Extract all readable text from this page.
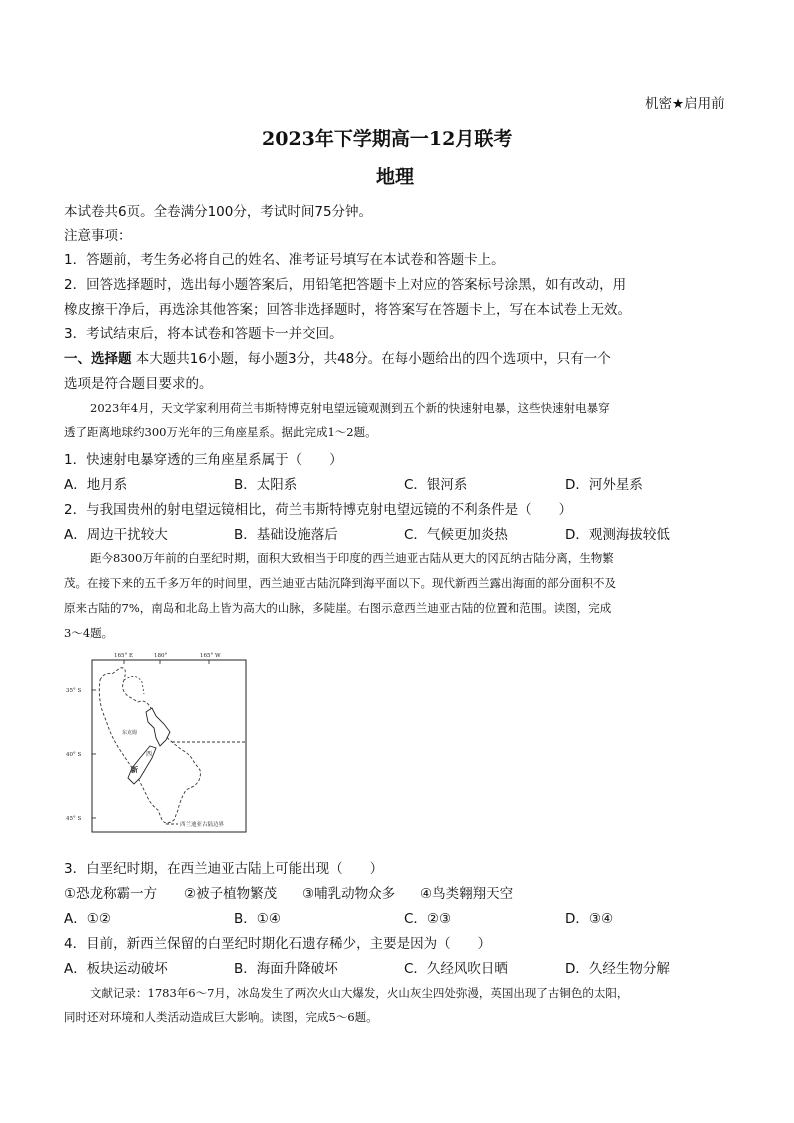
机密★启用前
2023年下学期高一12月联考
地理
本试卷共6页。全卷满分100分，考试时间75分钟。
注意事项：
1．答题前，考生务必将自己的姓名、准考证号填写在本试卷和答题卡上。
2．回答选择题时，选出每小题答案后，用铅笔把答题卡上对应的答案标号涂黑，如有改动，用
橡皮擦干净后，再选涂其他答案；回答非选择题时，将答案写在答题卡上，写在本试卷上无效。
3．考试结束后，将本试卷和答题卡一并交回。
一、选择题 本大题共16小题，每小题3分，共48分。在每小题给出的四个选项中，只有一个
选项是符合题目要求的。
2023年4月，天文学家利用荷兰韦斯特博克射电望远镜观测到五个新的快速射电暴，这些快速射电暴穿
透了距离地球约300万光年的三角座星系。据此完成1～2题。
1．快速射电暴穿透的三角座星系属于（　　）
A．地月系	B．太阳系	C．银河系	D．河外星系
2．与我国贵州的射电望远镜相比，荷兰韦斯特博克射电望远镜的不利条件是（　　）
A．周边干扰较大	B．基础设施落后	C．气候更加炎热	D．观测海拔较低
距今8300万年前的白垩纪时期，面积大致相当于印度的西兰迪亚古陆从更大的冈瓦纳古陆分离，生物繁
茂。在接下来的五千多万年的时间里，西兰迪亚古陆沉降到海平面以下。现代新西兰露出海面的部分面积不及
原来古陆的7%，南岛和北岛上皆为高大的山脉，多陡崖。右图示意西兰迪亚古陆的位置和范围。读图，完成
3～4题。
165° E	180°	165° W
35° S
40° S
45° S
东克姆
西
新
西兰迪亚古陆边界
3．白垩纪时期，在西兰迪亚古陆上可能出现（　　）
①恐龙称霸一方 ②被子植物繁茂 ③哺乳动物众多 ④鸟类翱翔天空
A．①②	B．①④	C．②③	D．③④
4．目前，新西兰保留的白垩纪时期化石遗存稀少，主要是因为（　　）
A．板块运动破坏	B．海面升降破坏	C．久经风吹日晒	D．久经生物分解
文献记录：1783年6～7月，冰岛发生了两次火山大爆发，火山灰尘四处弥漫，英国出现了古铜色的太阳，
同时还对环境和人类活动造成巨大影响。读图，完成5～6题。
